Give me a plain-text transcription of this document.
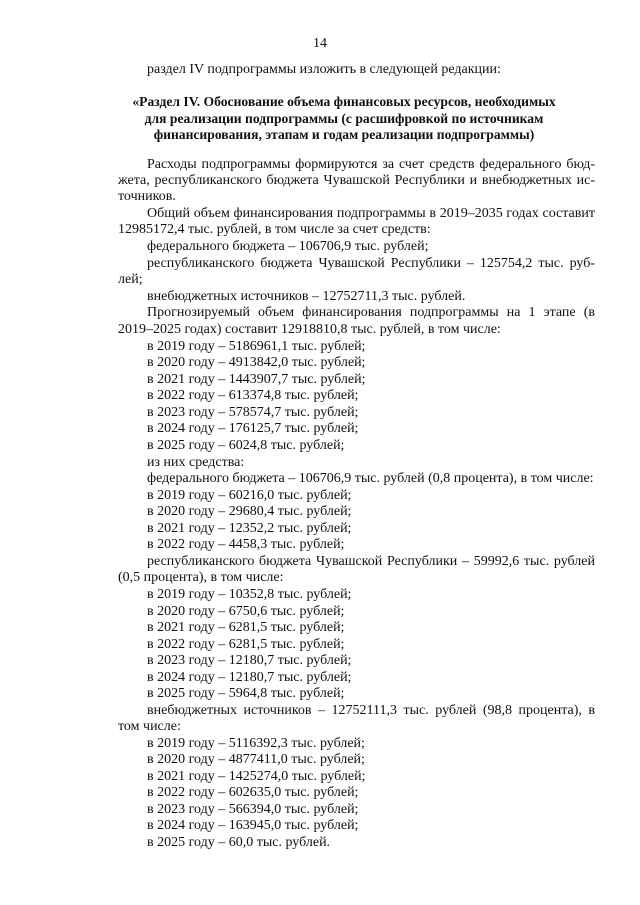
14
раздел IV подпрограммы изложить в следующей редакции:
«Раздел IV. Обоснование объема финансовых ресурсов, необходимых
для реализации подпрограммы (с расшифровкой по источникам
финансирования, этапам и годам реализации подпрограммы)
Расходы подпрограммы формируются за счет средств федерального бюд-
жета, республиканского бюджета Чувашской Республики и внебюджетных ис-
точников.
Общий объем финансирования подпрограммы в 2019–2035 годах составит
12985172,4 тыс. рублей, в том числе за счет средств:
федерального бюджета – 106706,9 тыс. рублей;
республиканского бюджета Чувашской Республики – 125754,2 тыс. руб-
лей;
внебюджетных источников – 12752711,3 тыс. рублей.
Прогнозируемый объем финансирования подпрограммы на 1 этапе (в
2019–2025 годах) составит 12918810,8 тыс. рублей, в том числе:
в 2019 году – 5186961,1 тыс. рублей;
в 2020 году – 4913842,0 тыс. рублей;
в 2021 году – 1443907,7 тыс. рублей;
в 2022 году – 613374,8 тыс. рублей;
в 2023 году – 578574,7 тыс. рублей;
в 2024 году – 176125,7 тыс. рублей;
в 2025 году – 6024,8 тыс. рублей;
из них средства:
федерального бюджета – 106706,9 тыс. рублей (0,8 процента), в том числе:
в 2019 году – 60216,0 тыс. рублей;
в 2020 году – 29680,4 тыс. рублей;
в 2021 году – 12352,2 тыс. рублей;
в 2022 году – 4458,3 тыс. рублей;
республиканского бюджета Чувашской Республики – 59992,6 тыс. рублей
(0,5 процента), в том числе:
в 2019 году – 10352,8 тыс. рублей;
в 2020 году – 6750,6 тыс. рублей;
в 2021 году – 6281,5 тыс. рублей;
в 2022 году – 6281,5 тыс. рублей;
в 2023 году – 12180,7 тыс. рублей;
в 2024 году – 12180,7 тыс. рублей;
в 2025 году – 5964,8 тыс. рублей;
внебюджетных источников – 12752111,3 тыс. рублей (98,8 процента), в
том числе:
в 2019 году – 5116392,3 тыс. рублей;
в 2020 году – 4877411,0 тыс. рублей;
в 2021 году – 1425274,0 тыс. рублей;
в 2022 году – 602635,0 тыс. рублей;
в 2023 году – 566394,0 тыс. рублей;
в 2024 году – 163945,0 тыс. рублей;
в 2025 году – 60,0 тыс. рублей.
